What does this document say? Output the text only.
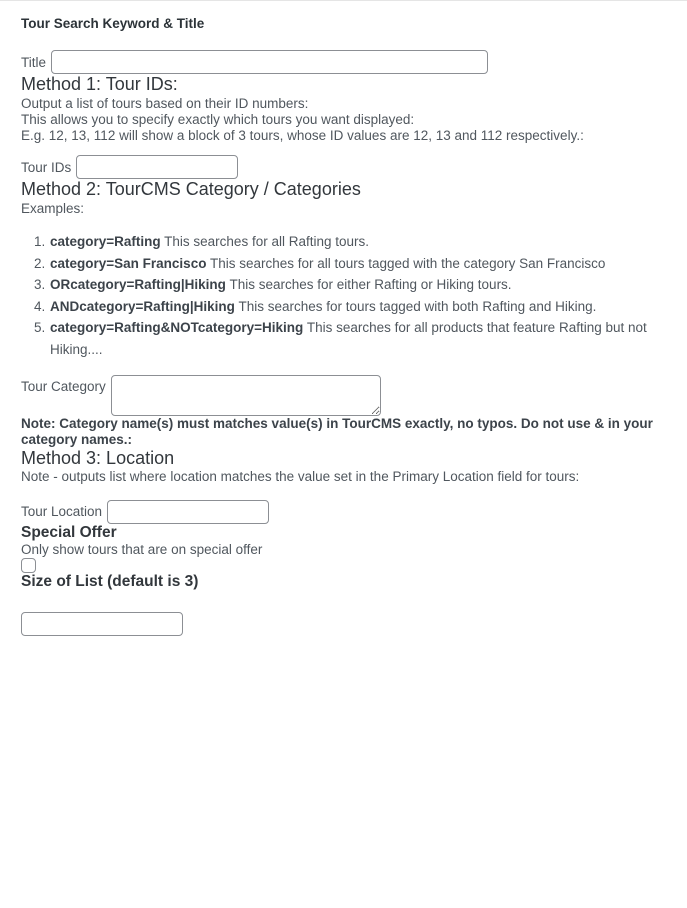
Tour Search Keyword & Title
Title
Method 1: Tour IDs:

Output a list of tours based on their ID numbers:

This allows you to specify exactly which tours you want displayed:

E.g. 12, 13, 112 will show a block of 3 tours, whose ID values are 12, 13 and 112 respectively.:

Tour IDs
Method 2: TourCMS Category / Categories

Examples:

1. category=Rafting This searches for all Rafting tours.
2. category=San Francisco This searches for all tours tagged with the category San Francisco
3. ORcategory=Rafting|Hiking This searches for either Rafting or Hiking tours.
4. ANDcategory=Rafting|Hiking This searches for tours tagged with both Rafting and Hiking.
5. category=Rafting&NOTcategory=Hiking This searches for all products that feature Rafting but not Hiking....
Tour Category

Note: Category name(s) must matches value(s) in TourCMS exactly, no typos. Do not use & in your category names.:

Method 3: Location

Note - outputs list where location matches the value set in the Primary Location field for tours:

Tour Location
Special Offer

Only show tours that are on special offer

Size of List (default is 3)
